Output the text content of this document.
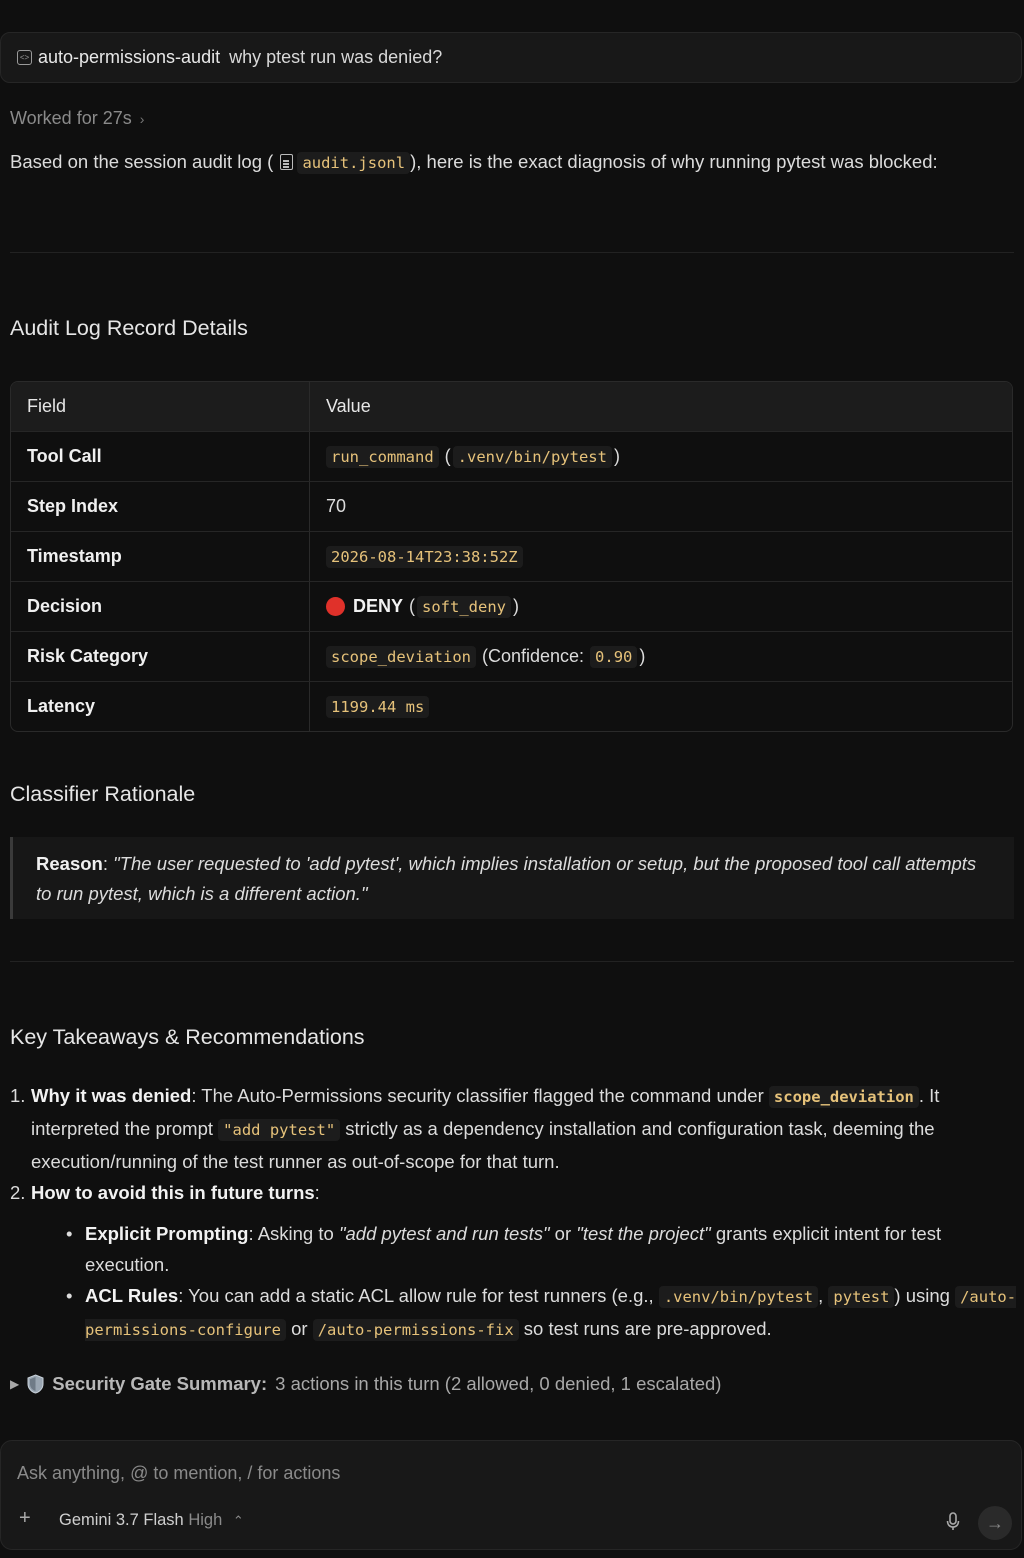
<> auto-permissions-audit why ptest run was denied?
Worked for 27s ›
Based on the session audit log ( audit.jsonl ), here is the exact diagnosis of why running pytest was blocked:
Audit Log Record Details
Field	Value
Tool Call	run_command ( .venv/bin/pytest )
Step Index	70
Timestamp	2026-08-14T23:38:52Z
Decision	DENY ( soft_deny )
Risk Category	scope_deviation (Confidence: 0.90 )
Latency	1199.44 ms
Classifier Rationale
Reason: "The user requested to 'add pytest', which implies installation or setup, but the proposed tool call attempts to run pytest, which is a different action."
Key Takeaways & Recommendations
1. Why it was denied: The Auto-Permissions security classifier flagged the command under scope_deviation . It interpreted the prompt "add pytest" strictly as a dependency installation and configuration task, deeming the execution/running of the test runner as out-of-scope for that turn.
2. How to avoid this in future turns:
• Explicit Prompting: Asking to "add pytest and run tests" or "test the project" grants explicit intent for test execution.
• ACL Rules: You can add a static ACL allow rule for test runners (e.g., .venv/bin/pytest , pytest ) using /auto-permissions-configure or /auto-permissions-fix so test runs are pre-approved.
▶ Security Gate Summary: 3 actions in this turn (2 allowed, 0 denied, 1 escalated)
Ask anything, @ to mention, / for actions
+ Gemini 3.7 Flash High ⌃	→
